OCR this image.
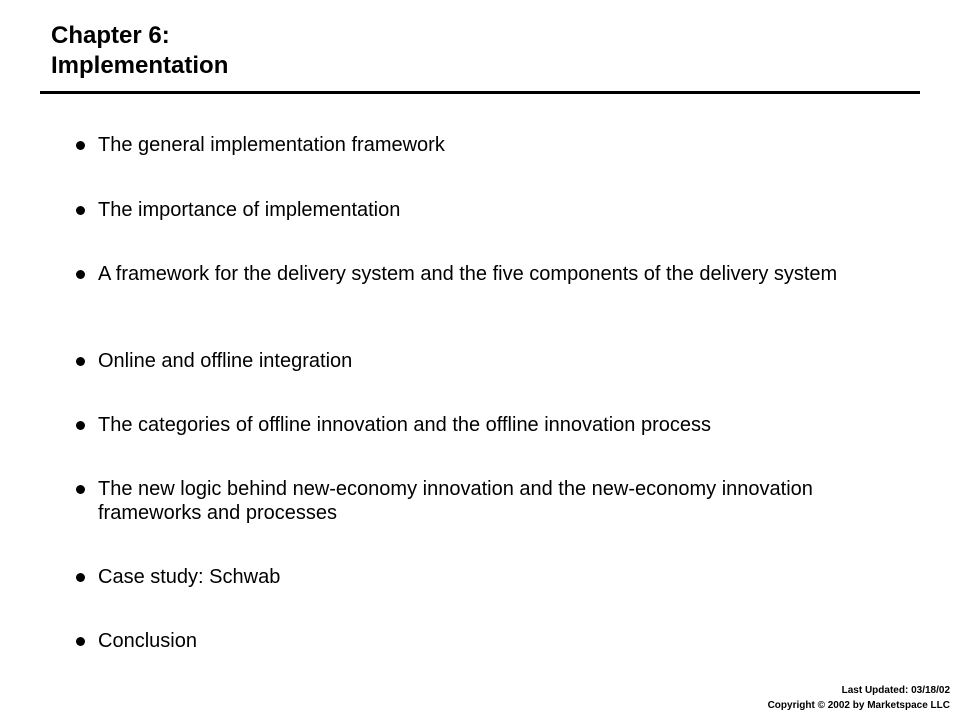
Chapter 6:
Implementation
The general implementation framework
The importance of implementation
A framework for the delivery system and the five components of the delivery system
Online and offline integration
The categories of offline innovation and the offline innovation process
The new logic behind new-economy innovation and the new-economy innovation frameworks and processes
Case study: Schwab
Conclusion
Last Updated: 03/18/02
Copyright © 2002 by Marketspace LLC
